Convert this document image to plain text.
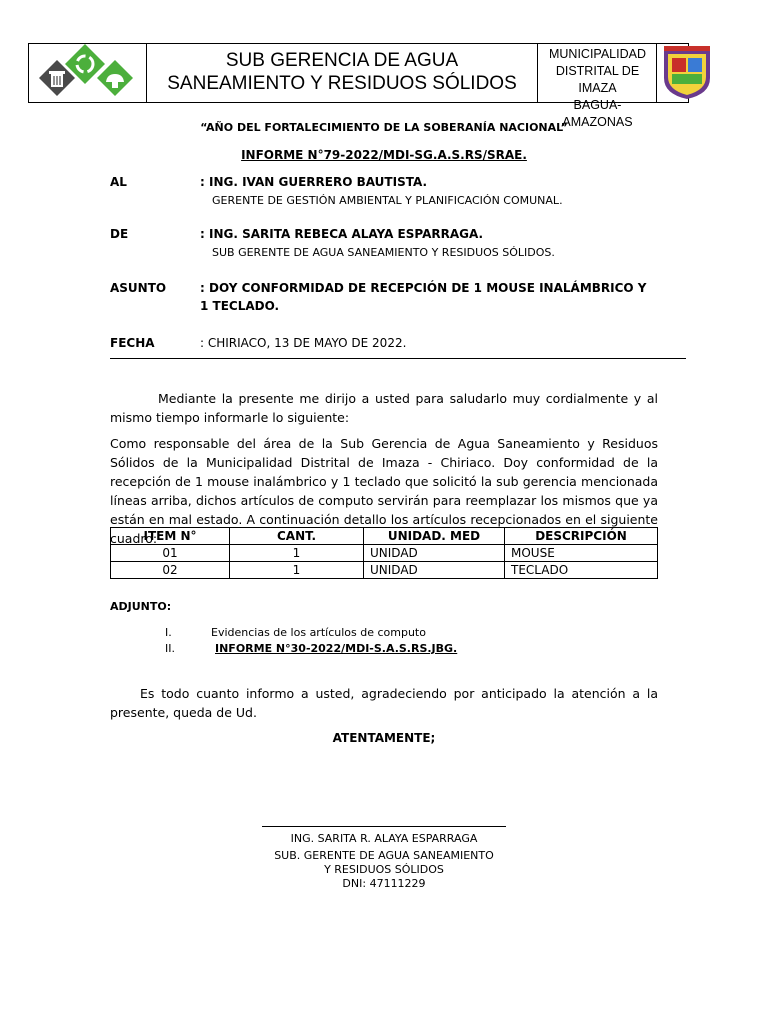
SUB GERENCIA DE AGUA
SANEAMIENTO Y RESIDUOS SÓLIDOS
MUNICIPALIDAD
DISTRITAL DE IMAZA
BAGUA- AMAZONAS
“AÑO DEL FORTALECIMIENTO DE LA SOBERANÍA NACIONAL”
INFORME N°79-2022/MDI-SG.A.S.RS/SRAE.
AL	: ING. IVAN GUERRERO BAUTISTA.
GERENTE DE GESTIÓN AMBIENTAL Y PLANIFICACIÓN COMUNAL.
DE	: ING. SARITA REBECA ALAYA ESPARRAGA.
SUB GERENTE DE AGUA SANEAMIENTO Y RESIDUOS SÓLIDOS.
ASUNTO	: DOY CONFORMIDAD DE RECEPCIÓN DE 1 MOUSE INALÁMBRICO Y
1 TECLADO.
FECHA	: CHIRIACO, 13 DE MAYO DE 2022.
Mediante la presente me dirijo a usted para saludarlo muy cordialmente y al mismo tiempo informarle lo siguiente:
Como responsable del área de la Sub Gerencia de Agua Saneamiento y Residuos Sólidos de la Municipalidad Distrital de Imaza - Chiriaco. Doy conformidad de la recepción de 1 mouse inalámbrico y 1 teclado que solicitó la sub gerencia mencionada líneas arriba, dichos artículos de computo servirán para reemplazar los mismos que ya están en mal estado. A continuación detallo los artículos recepcionados en el siguiente cuadro:
ITEM N°	CANT.	UNIDAD. MED	DESCRIPCIÓN
01	1	UNIDAD	MOUSE
02	1	UNIDAD	TECLADO
ADJUNTO:
I.	Evidencias de los artículos de computo
II.	INFORME N°30-2022/MDI-S.A.S.RS.JBG.
Es todo cuanto informo a usted, agradeciendo por anticipado la atención a la presente, queda de Ud.
ATENTAMENTE;
ING. SARITA R. ALAYA ESPARRAGA
SUB. GERENTE DE AGUA SANEAMIENTO
Y RESIDUOS SÓLIDOS
DNI: 47111229
